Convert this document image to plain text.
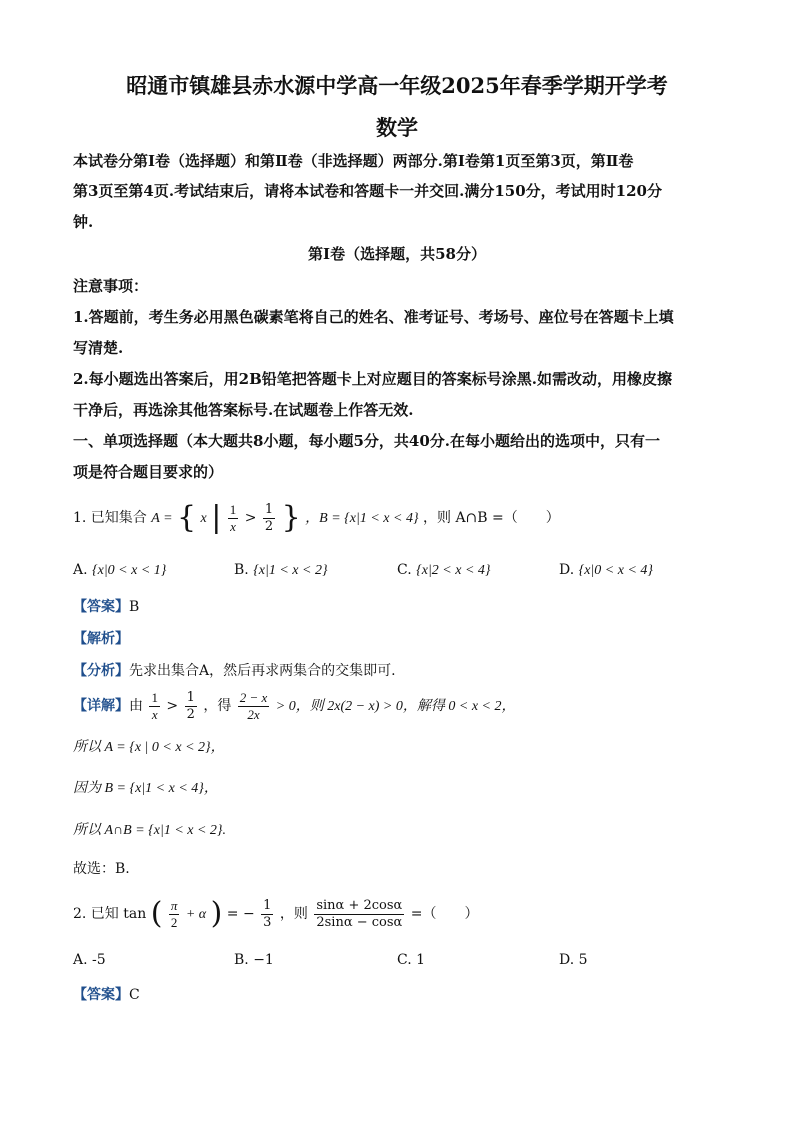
昭通市镇雄县赤水源中学高一年级2025年春季学期开学考
数学
本试卷分第Ⅰ卷（选择题）和第Ⅱ卷（非选择题）两部分.第Ⅰ卷第1页至第3页，第Ⅱ卷
第3页至第4页.考试结束后，请将本试卷和答题卡一并交回.满分150分，考试用时120分
钟.
第Ⅰ卷（选择题，共58分）
注意事项：
1.答题前，考生务必用黑色碳素笔将自己的姓名、准考证号、考场号、座位号在答题卡上填
写清楚.
2.每小题选出答案后，用2B铅笔把答题卡上对应题目的答案标号涂黑.如需改动，用橡皮擦
干净后，再选涂其他答案标号.在试题卷上作答无效.
一、单项选择题（本大题共8小题，每小题5分，共40分.在每小题给出的选项中，只有一
项是符合题目要求的）
1. 已知集合 A = { x | $\frac{1}{x} > \frac{1}{2}$ } ，B = {x|1 < x < 4} ，则 A∩B =（　　）
A. {x|0 < x < 1}	B. {x|1 < x < 2}	C. {x|2 < x < 4}	D. {x|0 < x < 4}
【答案】B
【解析】
【分析】先求出集合A，然后再求两集合的交集即可.
【详解】由 $\frac{1}{x} > \frac{1}{2}$ ，得 $\frac{2 - x}{2x} > 0$，则 2x(2 − x) > 0，解得 0 < x < 2，
所以 A = {x | 0 < x < 2}，
因为 B = {x|1 < x < 4}，
所以 A∩B = {x|1 < x < 2}.
故选：B.
2. 已知 tan ( $\frac{\pi}{2} + \alpha$ ) = − $\frac{1}{3}$ ，则 $\frac{\sin\alpha + 2\cos\alpha}{2\sin\alpha - \cos\alpha}$ =（　　）
A. -5	B. −1	C. 1	D. 5
【答案】C
